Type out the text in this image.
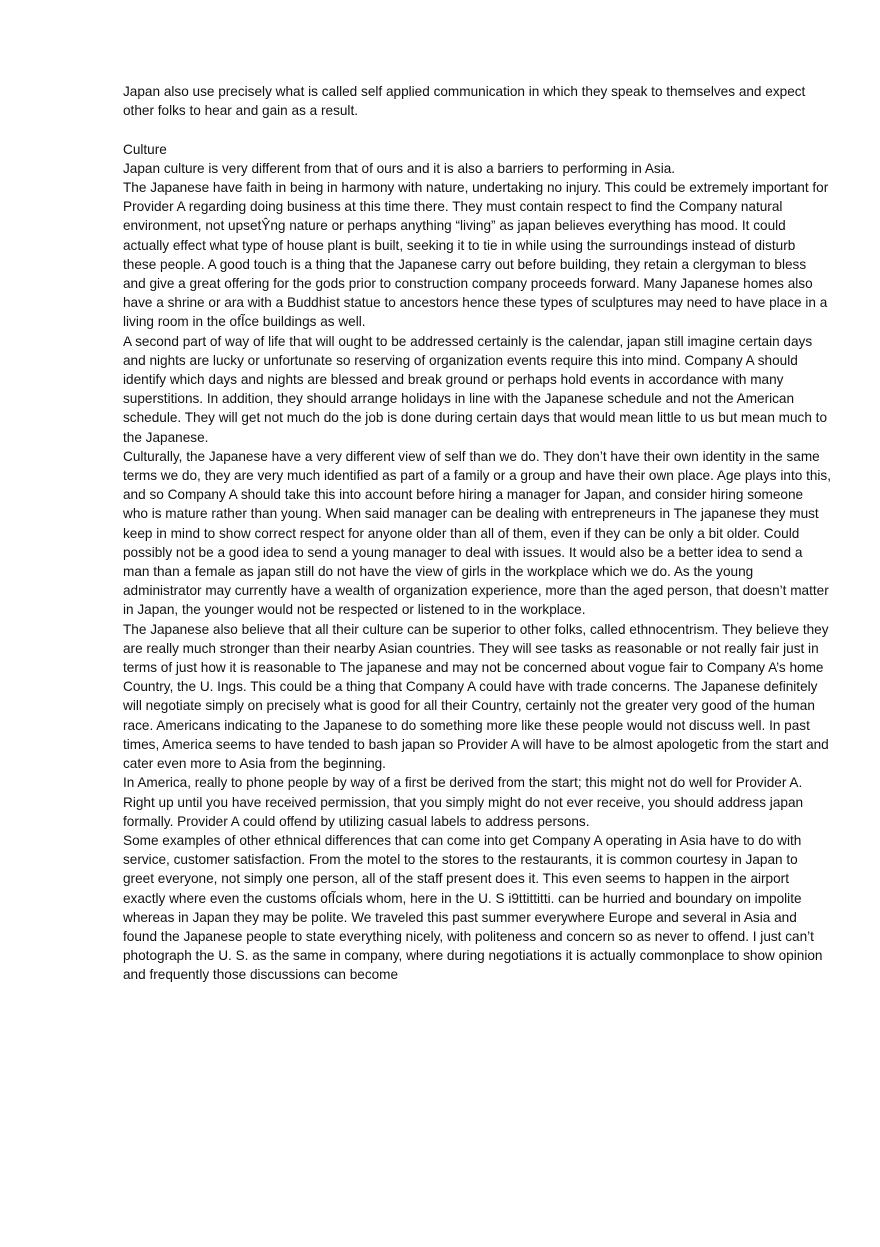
Japan also use precisely what is called self applied communication in which they speak to themselves and expect other folks to hear and gain as a result.

Culture

Japan culture is very different from that of ours and it is also a barriers to performing in Asia.

The Japanese have faith in being in harmony with nature, undertaking no injury. This could be extremely important for Provider A regarding doing business at this time there. They must contain respect to find the Company natural environment, not upsetŶng nature or perhaps anything “living” as japan believes everything has mood. It could actually effect what type of house plant is built, seeking it to tie in while using the surroundings instead of disturb these people. A good touch is a thing that the Japanese carry out before building, they retain a clergyman to bless and give a great offering for the gods prior to construction company proceeds forward. Many Japanese homes also have a shrine or ara with a Buddhist statue to ancestors hence these types of sculptures may need to have place in a living room in the ofĨce buildings as well.

A second part of way of life that will ought to be addressed certainly is the calendar, japan still imagine certain days and nights are lucky or unfortunate so reserving of organization events require this into mind. Company A should identify which days and nights are blessed and break ground or perhaps hold events in accordance with many superstitions. In addition, they should arrange holidays in line with the Japanese schedule and not the American schedule. They will get not much do the job is done during certain days that would mean little to us but mean much to the Japanese.

Culturally, the Japanese have a very different view of self than we do. They don’t have their own identity in the same terms we do, they are very much identified as part of a family or a group and have their own place. Age plays into this, and so Company A should take this into account before hiring a manager for Japan, and consider hiring someone who is mature rather than young. When said manager can be dealing with entrepreneurs in The japanese they must keep in mind to show correct respect for anyone older than all of them, even if they can be only a bit older. Could possibly not be a good idea to send a young manager to deal with issues. It would also be a better idea to send a man than a female as japan still do not have the view of girls in the workplace which we do. As the young administrator may currently have a wealth of organization experience, more than the aged person, that doesn’t matter in Japan, the younger would not be respected or listened to in the workplace.

The Japanese also believe that all their culture can be superior to other folks, called ethnocentrism. They believe they are really much stronger than their nearby Asian countries. They will see tasks as reasonable or not really fair just in terms of just how it is reasonable to The japanese and may not be concerned about vogue fair to Company A’s home Country, the U. Ings. This could be a thing that Company A could have with trade concerns. The Japanese definitely will negotiate simply on precisely what is good for all their Country, certainly not the greater very good of the human race. Americans indicating to the Japanese to do something more like these people would not discuss well. In past times, America seems to have tended to bash japan so Provider A will have to be almost apologetic from the start and cater even more to Asia from the beginning.

In America, really to phone people by way of a first be derived from the start; this might not do well for Provider A. Right up until you have received permission, that you simply might do not ever receive, you should address japan formally. Provider A could offend by utilizing casual labels to address persons.

Some examples of other ethnical differences that can come into get Company A operating in Asia have to do with service, customer satisfaction. From the motel to the stores to the restaurants, it is common courtesy in Japan to greet everyone, not simply one person, all of the staff present does it. This even seems to happen in the airport exactly where even the customs ofĨcials whom, here in the U. S i9ttittitti. can be hurried and boundary on impolite whereas in Japan they may be polite. We traveled this past summer everywhere Europe and several in Asia and found the Japanese people to state everything nicely, with politeness and concern so as never to offend. I just can’t photograph the U. S. as the same in company, where during negotiations it is actually commonplace to show opinion and frequently those discussions can become
